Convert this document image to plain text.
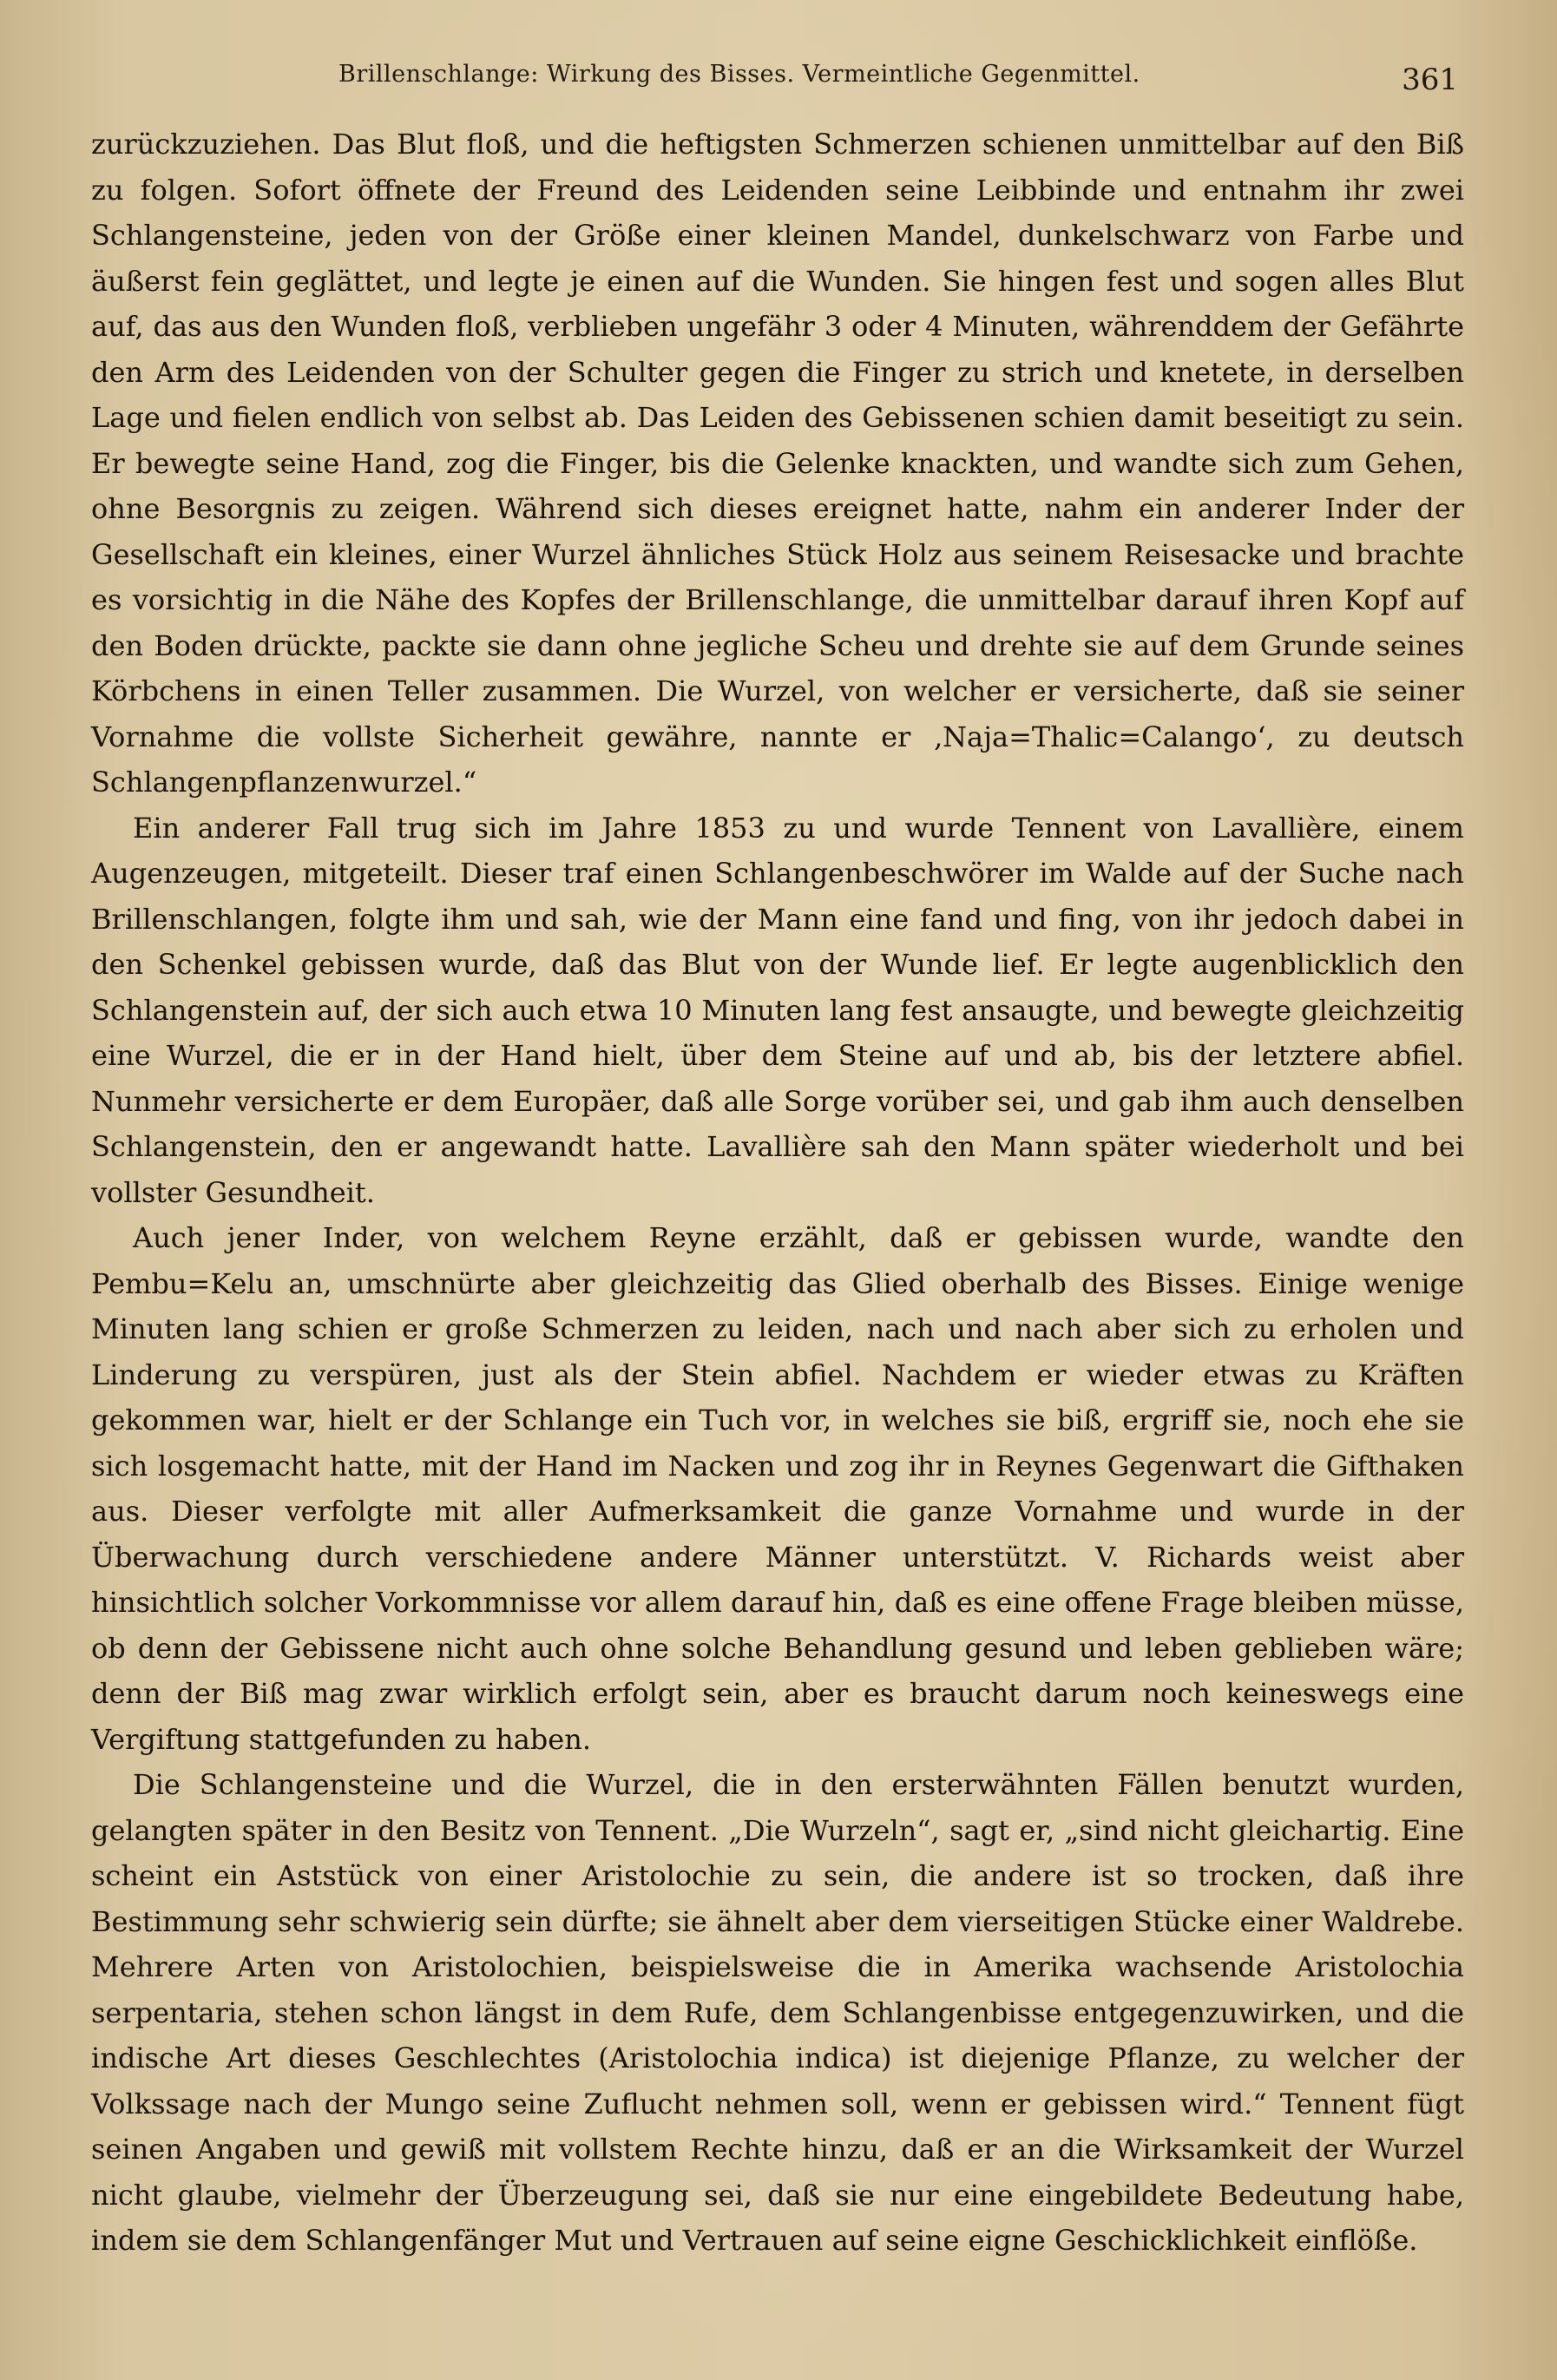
Brillenschlange: Wirkung des Bisses. Vermeintliche Gegenmittel.	361

zurückzuziehen. Das Blut floß, und die heftigsten Schmerzen schienen unmittelbar auf den Biß zu folgen. Sofort öffnete der Freund des Leidenden seine Leibbinde und entnahm ihr zwei Schlangensteine, jeden von der Größe einer kleinen Mandel, dunkelschwarz von Farbe und äußerst fein geglättet, und legte je einen auf die Wunden. Sie hingen fest und sogen alles Blut auf, das aus den Wunden floß, verblieben ungefähr 3 oder 4 Minuten, währenddem der Gefährte den Arm des Leidenden von der Schulter gegen die Finger zu strich und knetete, in derselben Lage und fielen endlich von selbst ab. Das Leiden des Gebissenen schien damit beseitigt zu sein. Er bewegte seine Hand, zog die Finger, bis die Gelenke knackten, und wandte sich zum Gehen, ohne Besorgnis zu zeigen. Während sich dieses ereignet hatte, nahm ein anderer Inder der Gesellschaft ein kleines, einer Wurzel ähnliches Stück Holz aus seinem Reisesacke und brachte es vorsichtig in die Nähe des Kopfes der Brillenschlange, die unmittelbar darauf ihren Kopf auf den Boden drückte, packte sie dann ohne jegliche Scheu und drehte sie auf dem Grunde seines Körbchens in einen Teller zusammen. Die Wurzel, von welcher er versicherte, daß sie seiner Vornahme die vollste Sicherheit gewähre, nannte er ‚Naja=Thalic=Calango‘, zu deutsch Schlangenpflanzenwurzel.“

Ein anderer Fall trug sich im Jahre 1853 zu und wurde Tennent von Lavallière, einem Augenzeugen, mitgeteilt. Dieser traf einen Schlangenbeschwörer im Walde auf der Suche nach Brillenschlangen, folgte ihm und sah, wie der Mann eine fand und fing, von ihr jedoch dabei in den Schenkel gebissen wurde, daß das Blut von der Wunde lief. Er legte augenblicklich den Schlangenstein auf, der sich auch etwa 10 Minuten lang fest ansaugte, und bewegte gleichzeitig eine Wurzel, die er in der Hand hielt, über dem Steine auf und ab, bis der letztere abfiel. Nunmehr versicherte er dem Europäer, daß alle Sorge vorüber sei, und gab ihm auch denselben Schlangenstein, den er angewandt hatte. Lavallière sah den Mann später wiederholt und bei vollster Gesundheit.

Auch jener Inder, von welchem Reyne erzählt, daß er gebissen wurde, wandte den Pembu=Kelu an, umschnürte aber gleichzeitig das Glied oberhalb des Bisses. Einige wenige Minuten lang schien er große Schmerzen zu leiden, nach und nach aber sich zu erholen und Linderung zu verspüren, just als der Stein abfiel. Nachdem er wieder etwas zu Kräften gekommen war, hielt er der Schlange ein Tuch vor, in welches sie biß, ergriff sie, noch ehe sie sich losgemacht hatte, mit der Hand im Nacken und zog ihr in Reynes Gegenwart die Gifthaken aus. Dieser verfolgte mit aller Aufmerksamkeit die ganze Vornahme und wurde in der Überwachung durch verschiedene andere Männer unterstützt. V. Richards weist aber hinsichtlich solcher Vorkommnisse vor allem darauf hin, daß es eine offene Frage bleiben müsse, ob denn der Gebissene nicht auch ohne solche Behandlung gesund und leben geblieben wäre; denn der Biß mag zwar wirklich erfolgt sein, aber es braucht darum noch keineswegs eine Vergiftung stattgefunden zu haben.

Die Schlangensteine und die Wurzel, die in den ersterwähnten Fällen benutzt wurden, gelangten später in den Besitz von Tennent. „Die Wurzeln“, sagt er, „sind nicht gleichartig. Eine scheint ein Aststück von einer Aristolochie zu sein, die andere ist so trocken, daß ihre Bestimmung sehr schwierig sein dürfte; sie ähnelt aber dem vierseitigen Stücke einer Waldrebe. Mehrere Arten von Aristolochien, beispielsweise die in Amerika wachsende Aristolochia serpentaria, stehen schon längst in dem Rufe, dem Schlangenbisse entgegenzuwirken, und die indische Art dieses Geschlechtes (Aristolochia indica) ist diejenige Pflanze, zu welcher der Volkssage nach der Mungo seine Zuflucht nehmen soll, wenn er gebissen wird.“ Tennent fügt seinen Angaben und gewiß mit vollstem Rechte hinzu, daß er an die Wirksamkeit der Wurzel nicht glaube, vielmehr der Überzeugung sei, daß sie nur eine eingebildete Bedeutung habe, indem sie dem Schlangenfänger Mut und Vertrauen auf seine eigne Geschicklichkeit einflöße.
